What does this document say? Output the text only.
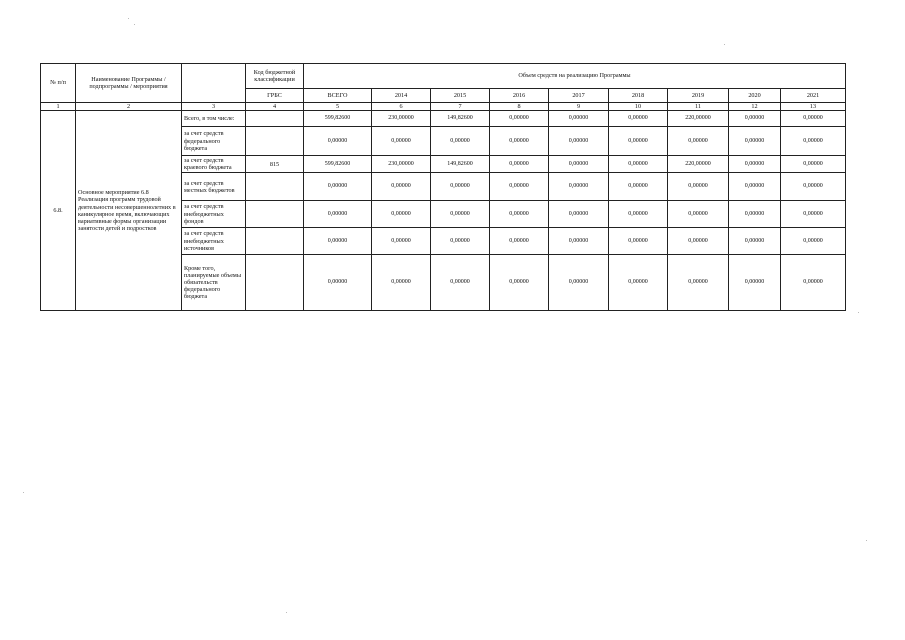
№ п/п	Наименование Программы / подпрограммы / мероприятия		Код бюджетной классификации	Объем средств на реализацию Программы								
			ГРБС	ВСЕГО	2014	2015	2016	2017	2018	2019	2020	2021
1	2	3	4	5	6	7	8	9	10	11	12	13
6.8.	Основное мероприятие 6.8 Реализация программ трудовой деятельности несовершеннолетних в каникулярное время, включающих вариативные формы организации занятости детей и подростков	Всего, в том числе:		599,82600	230,00000	149,82600	0,00000	0,00000	0,00000	220,00000	0,00000	0,00000
		за счет средств федерального бюджета		0,00000	0,00000	0,00000	0,00000	0,00000	0,00000	0,00000	0,00000	0,00000
		за счет средств краевого бюджета	815	599,82600	230,00000	149,82600	0,00000	0,00000	0,00000	220,00000	0,00000	0,00000
		за счет средств местных бюджетов		0,00000	0,00000	0,00000	0,00000	0,00000	0,00000	0,00000	0,00000	0,00000
		за счет средств внебюджетных фондов		0,00000	0,00000	0,00000	0,00000	0,00000	0,00000	0,00000	0,00000	0,00000
		за счет средств внебюджетных источников		0,00000	0,00000	0,00000	0,00000	0,00000	0,00000	0,00000	0,00000	0,00000
		Кроме того, планируемые объемы обязательств федерального бюджета		0,00000	0,00000	0,00000	0,00000	0,00000	0,00000	0,00000	0,00000	0,00000
